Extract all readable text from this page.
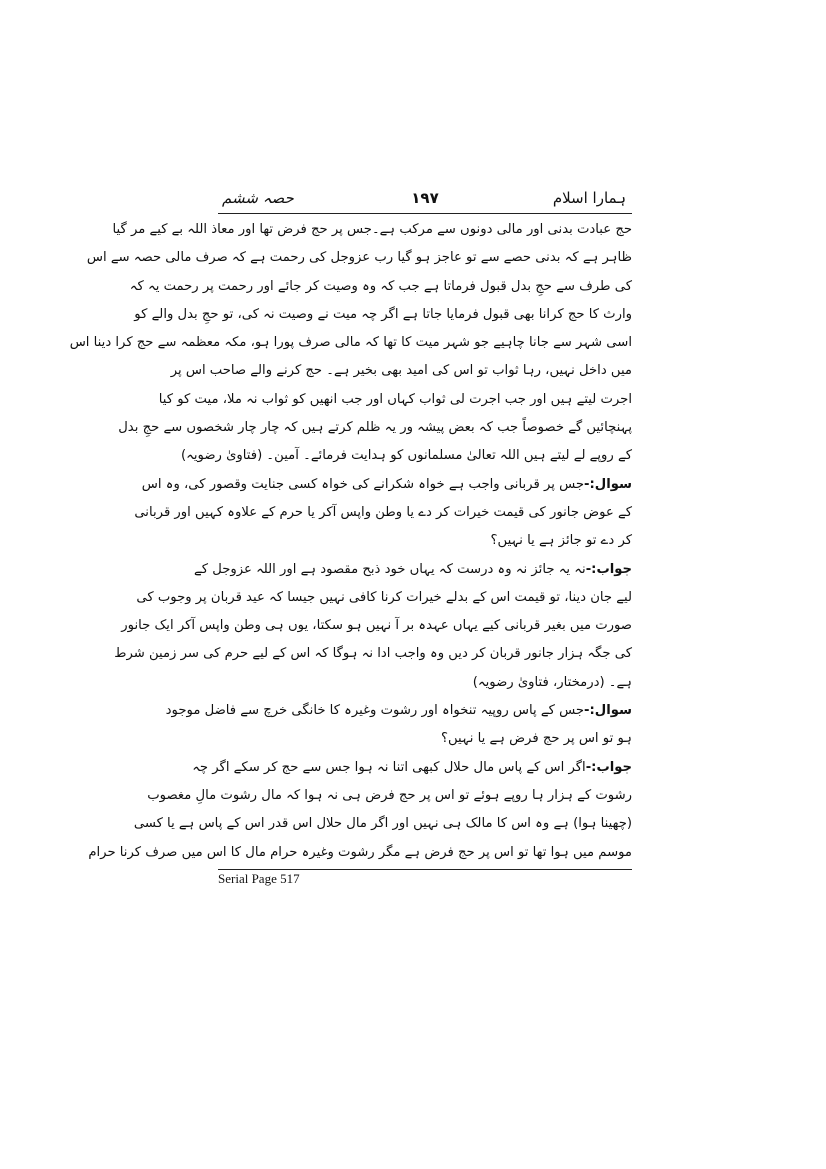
ہمارا اسلام
۱۹۷
حصہ ششم
حج عبادت بدنی اور مالی دونوں سے مرکب ہے۔جس پر حج فرض تھا اور معاذ اللہ بے کیے مر گیا
ظاہر ہے کہ بدنی حصے سے تو عاجز ہو گیا رب عزوجل کی رحمت ہے کہ صرف مالی حصہ سے اس
کی طرف سے حجِ بدل قبول فرماتا ہے جب کہ وہ وصیت کر جائے اور رحمت پر رحمت یہ کہ
وارث کا حج کرانا بھی قبول فرمایا جاتا ہے اگر چہ میت نے وصیت نہ کی، تو حجِ بدل والے کو
اسی شہر سے جانا چاہیے جو شہر میت کا تھا کہ مالی صرف پورا ہو، مکہ معظمہ سے حج کرا دینا اس
میں داخل نہیں، رہا ثواب تو اس کی امید بھی بخیر ہے۔ حج کرنے والے صاحب اس پر
اجرت لیتے ہیں اور جب اجرت لی ثواب کہاں اور جب انھیں کو ثواب نہ ملا، میت کو کیا
پہنچائیں گے خصوصاً جب کہ بعض پیشہ ور یہ ظلم کرتے ہیں کہ چار چار شخصوں سے حجِ بدل
کے روپے لے لیتے ہیں اللہ تعالیٰ مسلمانوں کو ہدایت فرمائے۔ آمین۔ (فتاویٰ رضویہ)
سوال:-جس پر قربانی واجب ہے خواہ شکرانے کی خواہ کسی جنایت وقصور کی، وہ اس
کے عوض جانور کی قیمت خیرات کر دے یا وطن واپس آکر یا حرم کے علاوہ کہیں اور قربانی
کر دے تو جائز ہے یا نہیں؟
جواب:-نہ یہ جائز نہ وہ درست کہ یہاں خود ذبح مقصود ہے اور اللہ عزوجل کے
لیے جان دینا، تو قیمت اس کے بدلے خیرات کرنا کافی نہیں جیسا کہ عید قربان پر وجوب کی
صورت میں بغیر قربانی کیے یہاں عہدہ بر آ نہیں ہو سکتا، یوں ہی وطن واپس آکر ایک جانور
کی جگہ ہزار جانور قربان کر دیں وہ واجب ادا نہ ہوگا کہ اس کے لیے حرم کی سر زمین شرط
ہے۔ (درمختار، فتاویٰ رضویہ)
سوال:-جس کے پاس روپیہ تنخواہ اور رشوت وغیرہ کا خانگی خرچ سے فاضل موجود
ہو تو اس پر حج فرض ہے یا نہیں؟
جواب:-اگر اس کے پاس مال حلال کبھی اتنا نہ ہوا جس سے حج کر سکے اگر چہ
رشوت کے ہزار ہا روپے ہوئے تو اس پر حج فرض ہی نہ ہوا کہ مال رشوت مالِ مغصوب
(چھینا ہوا) ہے وہ اس کا مالک ہی نہیں اور اگر مال حلال اس قدر اس کے پاس ہے یا کسی
موسم میں ہوا تھا تو اس پر حج فرض ہے مگر رشوت وغیرہ حرام مال کا اس میں صرف کرنا حرام
Serial Page 517
